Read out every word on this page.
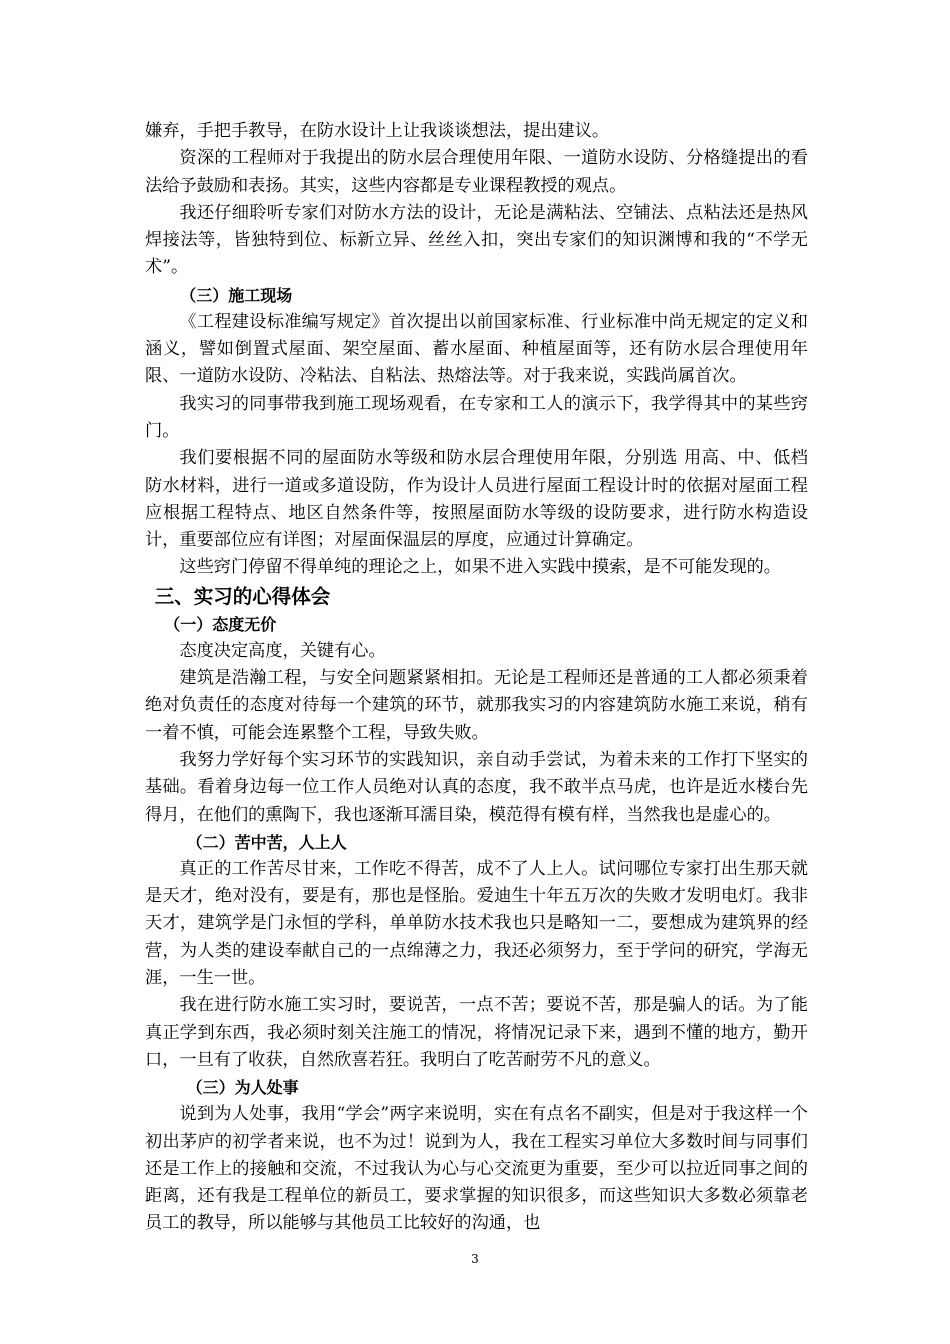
嫌弃，手把手教导，在防水设计上让我谈谈想法，提出建议。

资深的工程师对于我提出的防水层合理使用年限、一道防水设防、分格缝提出的看法给予鼓励和表扬。其实，这些内容都是专业课程教授的观点。

我还仔细聆听专家们对防水方法的设计，无论是满粘法、空铺法、点粘法还是热风焊接法等，皆独特到位、标新立异、丝丝入扣，突出专家们的知识渊博和我的“不学无术”。

（三）施工现场

《工程建设标准编写规定》首次提出以前国家标准、行业标准中尚无规定的定义和涵义，譬如倒置式屋面、架空屋面、蓄水屋面、种植屋面等，还有防水层合理使用年限、一道防水设防、冷粘法、自粘法、热熔法等。对于我来说，实践尚属首次。

我实习的同事带我到施工现场观看，在专家和工人的演示下，我学得其中的某些窍门。

我们要根据不同的屋面防水等级和防水层合理使用年限，分别选 用高、中、低档 防水材料，进行一道或多道设防，作为设计人员进行屋面工程设计时的依据对屋面工程应根据工程特点、地区自然条件等，按照屋面防水等级的设防要求，进行防水构造设计，重要部位应有详图；对屋面保温层的厚度，应通过计算确定。

这些窍门停留不得单纯的理论之上，如果不进入实践中摸索，是不可能发现的。

三、实习的心得体会

（一）态度无价

态度决定高度，关键有心。

建筑是浩瀚工程，与安全问题紧紧相扣。无论是工程师还是普通的工人都必须秉着绝对负责任的态度对待每一个建筑的环节，就那我实习的内容建筑防水施工来说，稍有一着不慎，可能会连累整个工程，导致失败。

我努力学好每个实习环节的实践知识，亲自动手尝试，为着未来的工作打下坚实的基础。看着身边每一位工作人员绝对认真的态度，我不敢半点马虎，也许是近水楼台先得月，在他们的熏陶下，我也逐渐耳濡目染，模范得有模有样，当然我也是虚心的。

（二）苦中苦，人上人

真正的工作苦尽甘来，工作吃不得苦，成不了人上人。试问哪位专家打出生那天就是天才，绝对没有，要是有，那也是怪胎。爱迪生十年五万次的失败才发明电灯。我非天才，建筑学是门永恒的学科，单单防水技术我也只是略知一二，要想成为建筑界的经营，为人类的建设奉献自己的一点绵薄之力，我还必须努力，至于学问的研究，学海无涯，一生一世。

我在进行防水施工实习时，要说苦，一点不苦；要说不苦，那是骗人的话。为了能真正学到东西，我必须时刻关注施工的情况，将情况记录下来，遇到不懂的地方，勤开口，一旦有了收获，自然欣喜若狂。我明白了吃苦耐劳不凡的意义。

（三）为人处事

说到为人处事，我用“学会”两字来说明，实在有点名不副实，但是对于我这样一个初出茅庐的初学者来说，也不为过！说到为人，我在工程实习单位大多数时间与同事们还是工作上的接触和交流，不过我认为心与心交流更为重要，至少可以拉近同事之间的距离，还有我是工程单位的新员工，要求掌握的知识很多，而这些知识大多数必须靠老员工的教导，所以能够与其他员工比较好的沟通，也

3
